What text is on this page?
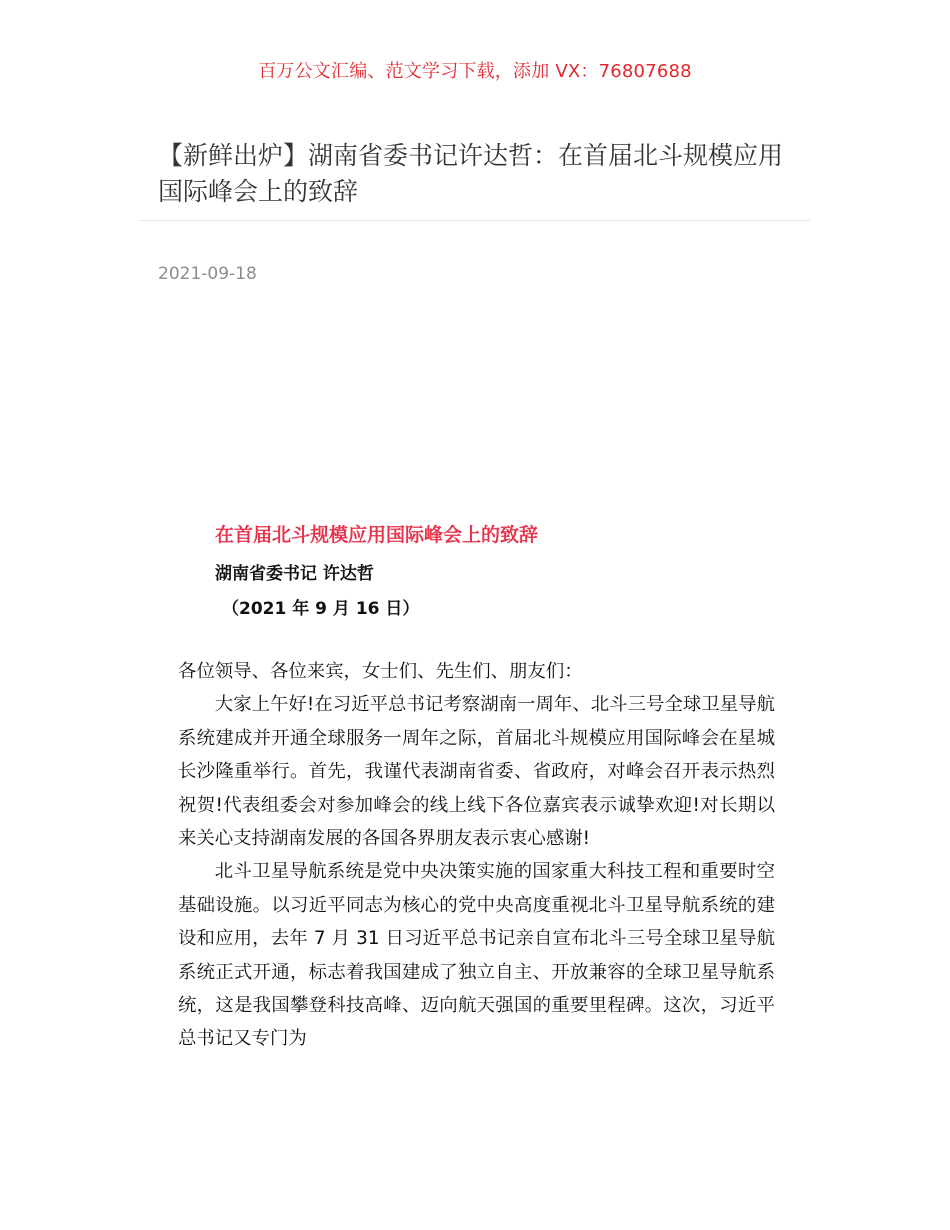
百万公文汇编、范文学习下载，添加 VX：76807688
【新鲜出炉】湖南省委书记许达哲：在首届北斗规模应用国际峰会上的致辞
2021-09-18
在首届北斗规模应用国际峰会上的致辞
湖南省委书记 许达哲
（2021 年 9 月 16 日）

各位领导、各位来宾，女士们、先生们、朋友们：

大家上午好!在习近平总书记考察湖南一周年、北斗三号全球卫星导航系统建成并开通全球服务一周年之际，首届北斗规模应用国际峰会在星城长沙隆重举行。首先，我谨代表湖南省委、省政府，对峰会召开表示热烈祝贺!代表组委会对参加峰会的线上线下各位嘉宾表示诚挚欢迎!对长期以来关心支持湖南发展的各国各界朋友表示衷心感谢!

北斗卫星导航系统是党中央决策实施的国家重大科技工程和重要时空基础设施。以习近平同志为核心的党中央高度重视北斗卫星导航系统的建设和应用，去年 7 月 31 日习近平总书记亲自宣布北斗三号全球卫星导航系统正式开通，标志着我国建成了独立自主、开放兼容的全球卫星导航系统，这是我国攀登科技高峰、迈向航天强国的重要里程碑。这次，习近平总书记又专门为
